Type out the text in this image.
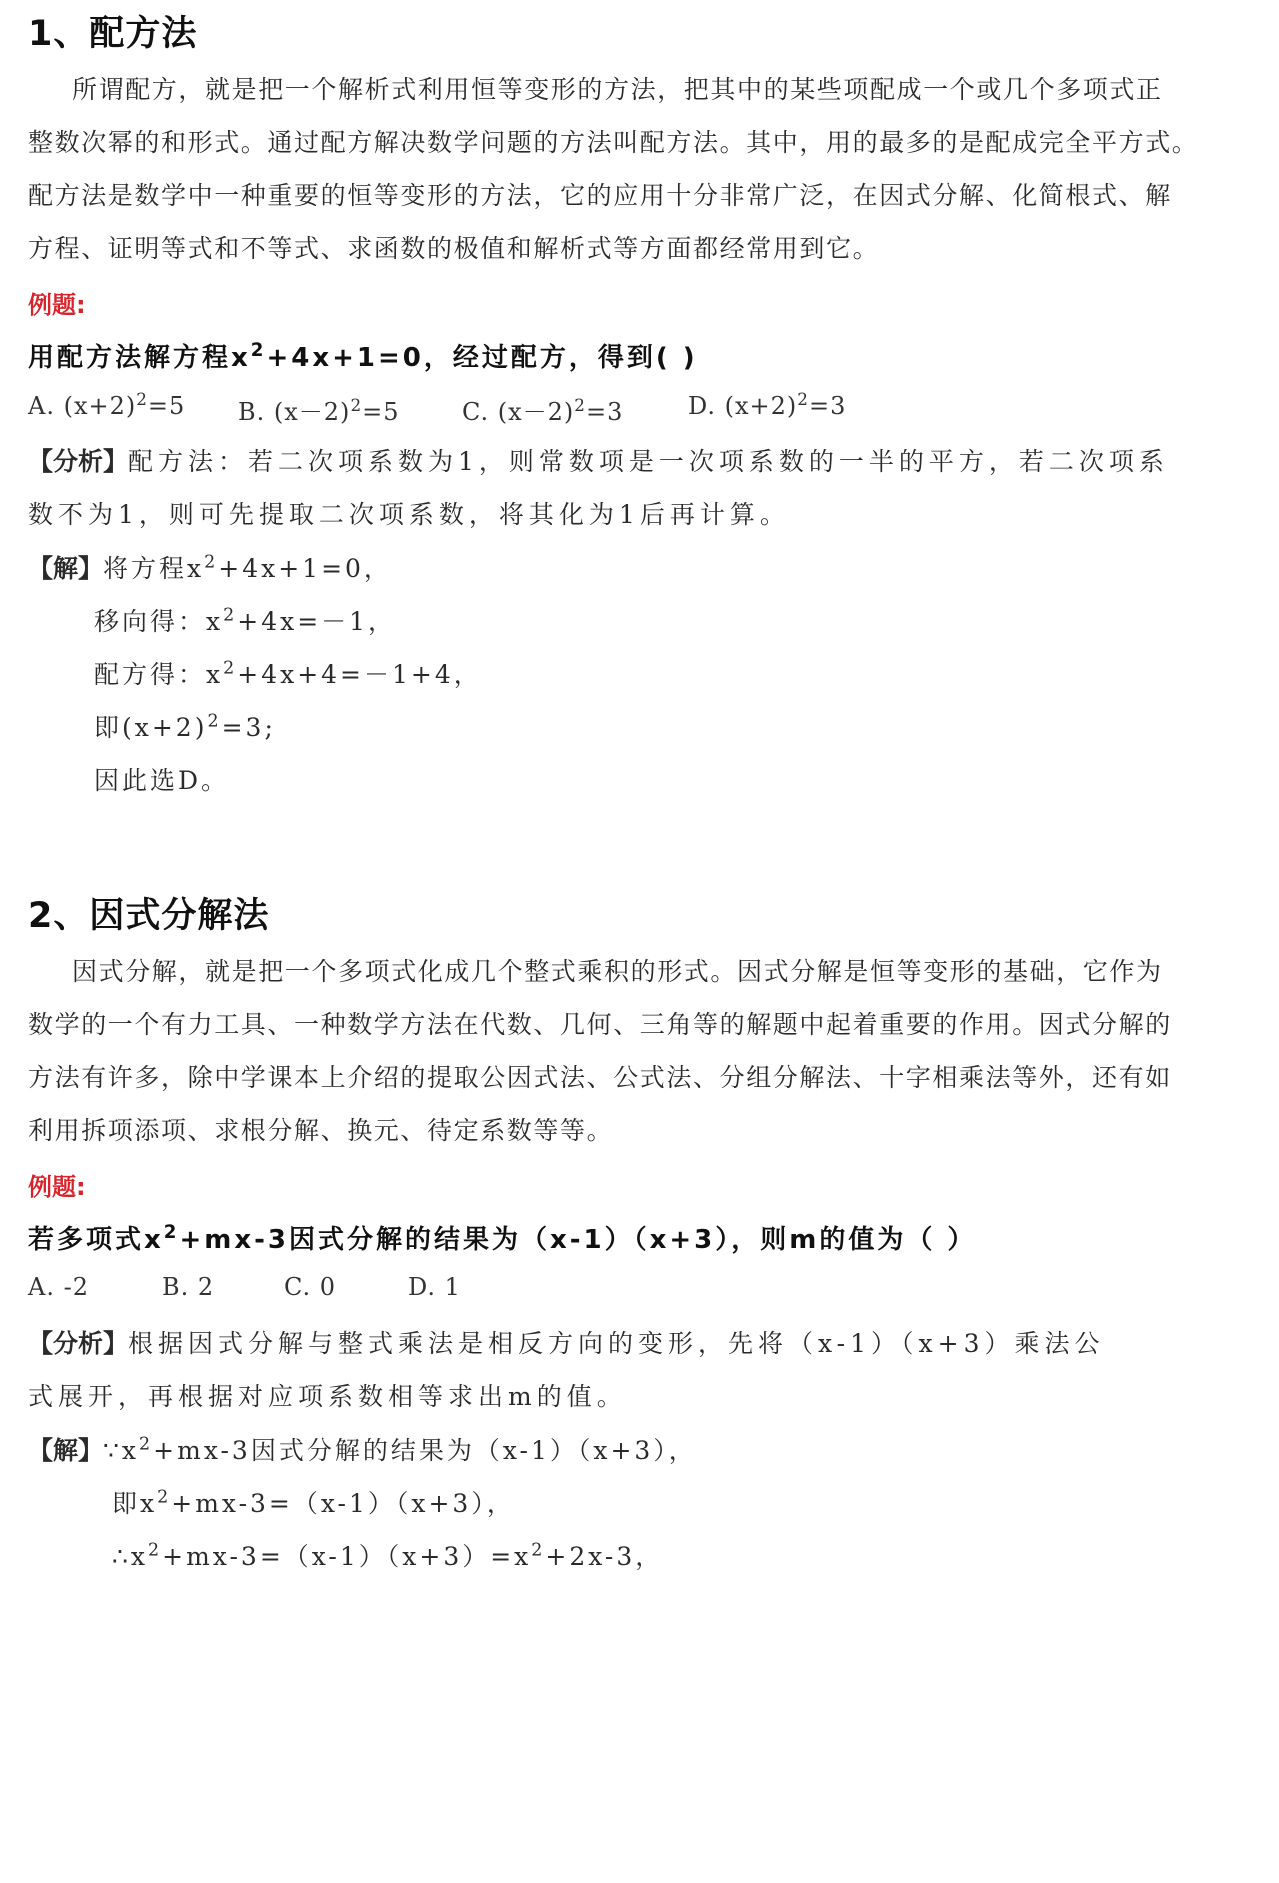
1、配方法
所谓配方，就是把一个解析式利用恒等变形的方法，把其中的某些项配成一个或几个多项式正
整数次幂的和形式。通过配方解决数学问题的方法叫配方法。其中，用的最多的是配成完全平方式。
配方法是数学中一种重要的恒等变形的方法，它的应用十分非常广泛，在因式分解、化简根式、解
方程、证明等式和不等式、求函数的极值和解析式等方面都经常用到它。
例题:
用配方法解方程$x^2+4x+1=0$，经过配方，得到( )
A. $(x+2)^2=5$ B. $(x-2)^2=5$	C. $(x-2)^2=3$	D. $(x+2)^2=3$
【分析】配方法：若二次项系数为1，则常数项是一次项系数的一半的平方，若二次项系
数不为1，则可先提取二次项系数，将其化为1后再计算。
【解】将方程$x^2+4x+1=0$，
移向得：$x^2+4x=-1$，
配方得：$x^2+4x+4=-1+4$，
即$(x+2)^2=3$;
因此选D。
2、因式分解法
因式分解，就是把一个多项式化成几个整式乘积的形式。因式分解是恒等变形的基础，它作为
数学的一个有力工具、一种数学方法在代数、几何、三角等的解题中起着重要的作用。因式分解的
方法有许多，除中学课本上介绍的提取公因式法、公式法、分组分解法、十字相乘法等外，还有如
利用拆项添项、求根分解、换元、待定系数等等。
例题:
若多项式$x^2+mx-3$因式分解的结果为（x-1）（x+3），则m的值为（ ）
A. -2	B. 2	C. 0	D. 1
【分析】根据因式分解与整式乘法是相反方向的变形，先将（x-1）（x+3）乘法公
式展开，再根据对应项系数相等求出m的值。
【解】$\because x^2+mx-3$因式分解的结果为（x-1）（x+3），
即$x^2+mx-3=(x-1)(x+3)$，
$\therefore x^2+mx-3=(x-1)(x+3)=x^2+2x-3$，
